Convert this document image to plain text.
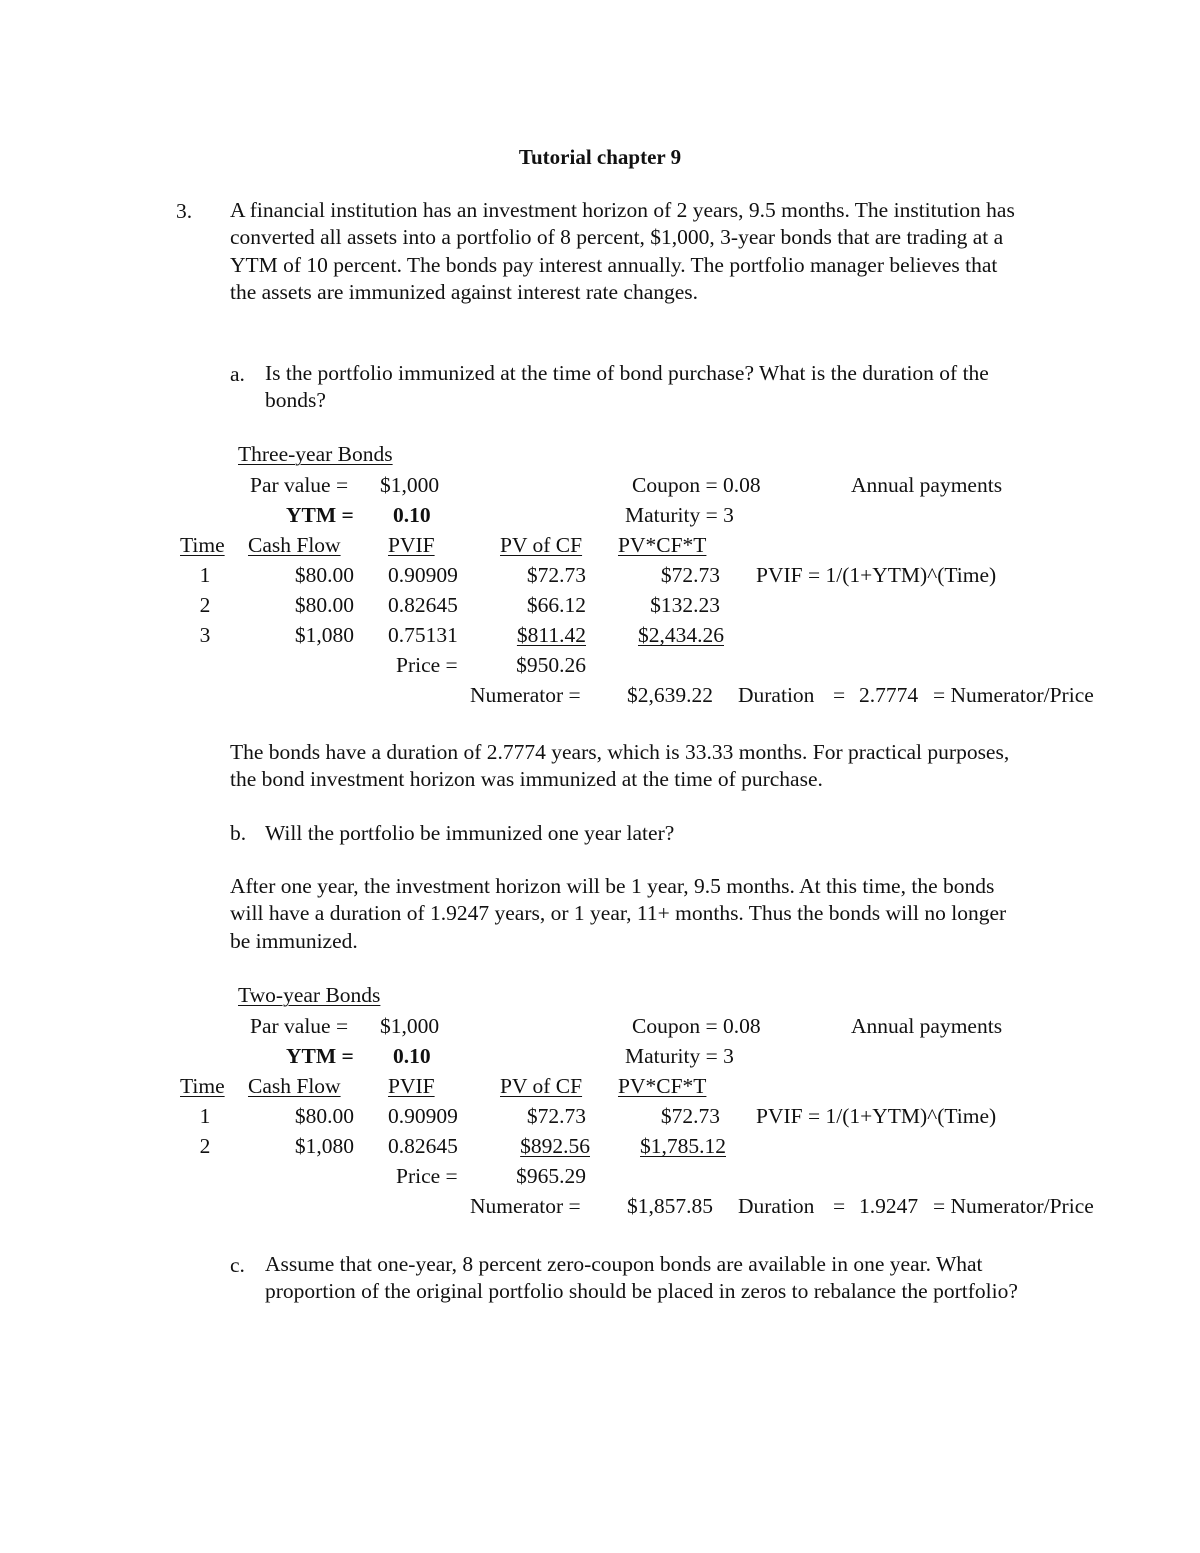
Tutorial chapter 9
3. A financial institution has an investment horizon of 2 years, 9.5 months. The institution has converted all assets into a portfolio of 8 percent, $1,000, 3-year bonds that are trading at a YTM of 10 percent. The bonds pay interest annually. The portfolio manager believes that the assets are immunized against interest rate changes.
a. Is the portfolio immunized at the time of bond purchase? What is the duration of the bonds?
Three-year Bonds
Par value = $1,000	Coupon = 0.08	Annual payments
YTM = 0.10	Maturity = 3
Time Cash Flow PVIF	PV of CF PV*CF*T
1	$80.00 0.90909	$72.73	$72.73 PVIF = 1/(1+YTM)^(Time)
2	$80.00 0.82645	$66.12	$132.23
3	$1,080 0.75131	$811.42	$2,434.26
Price =	$950.26
Numerator = $2,639.22 Duration = 2.7774 = Numerator/Price
The bonds have a duration of 2.7774 years, which is 33.33 months. For practical purposes, the bond investment horizon was immunized at the time of purchase.
b. Will the portfolio be immunized one year later?
After one year, the investment horizon will be 1 year, 9.5 months. At this time, the bonds will have a duration of 1.9247 years, or 1 year, 11+ months. Thus the bonds will no longer be immunized.
Two-year Bonds
Par value = $1,000	Coupon = 0.08	Annual payments
YTM = 0.10	Maturity = 3
Time Cash Flow PVIF	PV of CF PV*CF*T
1	$80.00 0.90909	$72.73	$72.73 PVIF = 1/(1+YTM)^(Time)
2	$1,080 0.82645	$892.56	$1,785.12
Price =	$965.29
Numerator = $1,857.85 Duration = 1.9247 = Numerator/Price
c. Assume that one-year, 8 percent zero-coupon bonds are available in one year. What proportion of the original portfolio should be placed in zeros to rebalance the portfolio?
